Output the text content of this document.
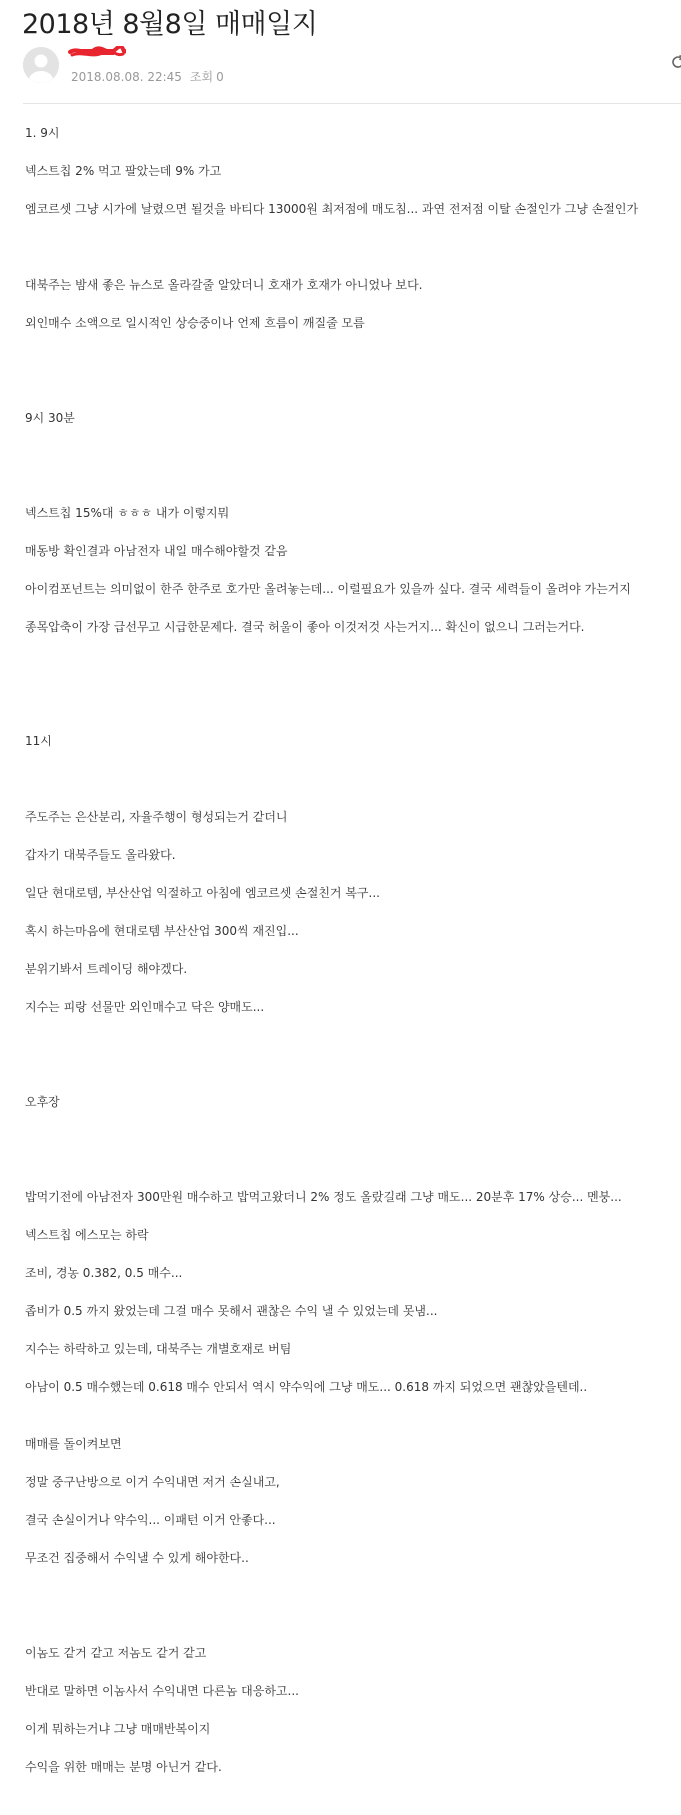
2018년 8월8일 매매일지
2018.08.08. 22:45 조회 0

1. 9시

넥스트칩 2% 먹고 팔았는데 9% 가고

엠코르셋 그냥 시가에 날렸으면 될것을 바티다 13000원 최저점에 매도침... 과연 전저점 이탈 손절인가 그냥 손절인가

대북주는 밤새 좋은 뉴스로 올라갈줄 알았더니 호재가 호재가 아니었나 보다.

외인매수 소액으로 일시적인 상승중이나 언제 흐름이 깨질줄 모름

9시 30분

넥스트칩 15%대 ㅎㅎㅎ 내가 이렇지뭐

매동방 확인결과 아남전자 내일 매수해야할것 같음

아이컴포넌트는 의미없이 한주 한주로 호가만 올려놓는데... 이럴필요가 있을까 싶다. 결국 세력들이 올려야 가는거지

종목압축이 가장 급선무고 시급한문제다. 결국 허울이 좋아 이것저것 사는거지... 확신이 없으니 그러는거다.

11시

주도주는 은산분리, 자율주행이 형성되는거 같더니

갑자기 대북주들도 올라왔다.

일단 현대로템, 부산산업 익절하고 아침에 엠코르셋 손절친거 복구...

혹시 하는마음에 현대로템 부산산업 300씩 재진입...

분위기봐서 트레이딩 해야겠다.

지수는 피랑 선물만 외인매수고 닥은 양매도...

오후장

밥먹기전에 아남전자 300만원 매수하고 밥먹고왔더니 2% 정도 올랐길래 그냥 매도... 20분후 17% 상승... 멘붕...

넥스트칩 에스모는 하락

조비, 경농 0.382, 0.5 매수...

좁비가 0.5 까지 왔었는데 그걸 매수 못해서 괜찮은 수익 낼 수 있었는데 못냄...

지수는 하락하고 있는데, 대북주는 개별호재로 버팀

아남이 0.5 매수했는데 0.618 매수 안되서 역시 약수익에 그냥 매도... 0.618 까지 되었으면 괜찮았을텐데..

매매를 돌이켜보면

정말 중구난방으로 이거 수익내면 저거 손실내고,

결국 손실이거나 약수익... 이패턴 이거 안좋다...

무조건 집중해서 수익낼 수 있게 해야한다..

이놈도 같거 같고 저놈도 같거 같고

반대로 말하면 이놈사서 수익내면 다른놈 대응하고...

이게 뭐하는거냐 그냥 매매반복이지

수익을 위한 매매는 분명 아닌거 같다.
